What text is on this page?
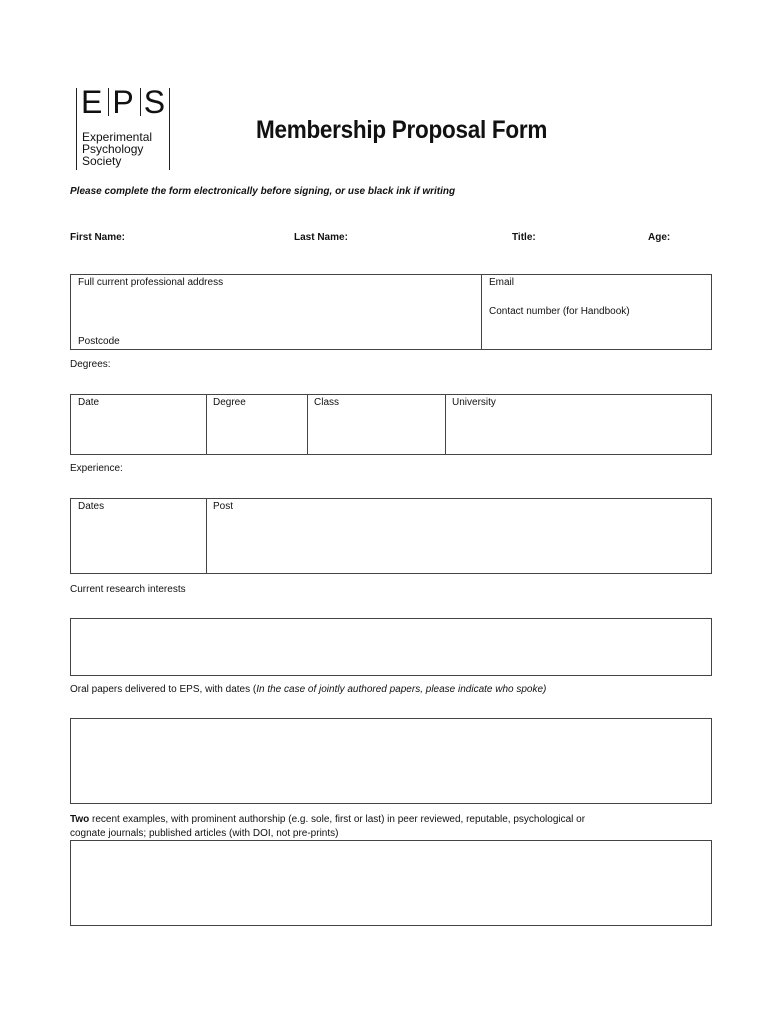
E P S
Experimental
Psychology
Society
Membership Proposal Form
Please complete the form electronically before signing, or use black ink if writing
First Name:	Last Name:	Title:	Age:
Full current professional address
Postcode
Email
Contact number (for Handbook)
Degrees:
Date	Degree	Class	University
Experience:
Dates	Post
Current research interests
Oral papers delivered to EPS, with dates (In the case of jointly authored papers, please indicate who spoke)
Two recent examples, with prominent authorship (e.g. sole, first or last) in peer reviewed, reputable, psychological or
cognate journals; published articles (with DOI, not pre-prints)
